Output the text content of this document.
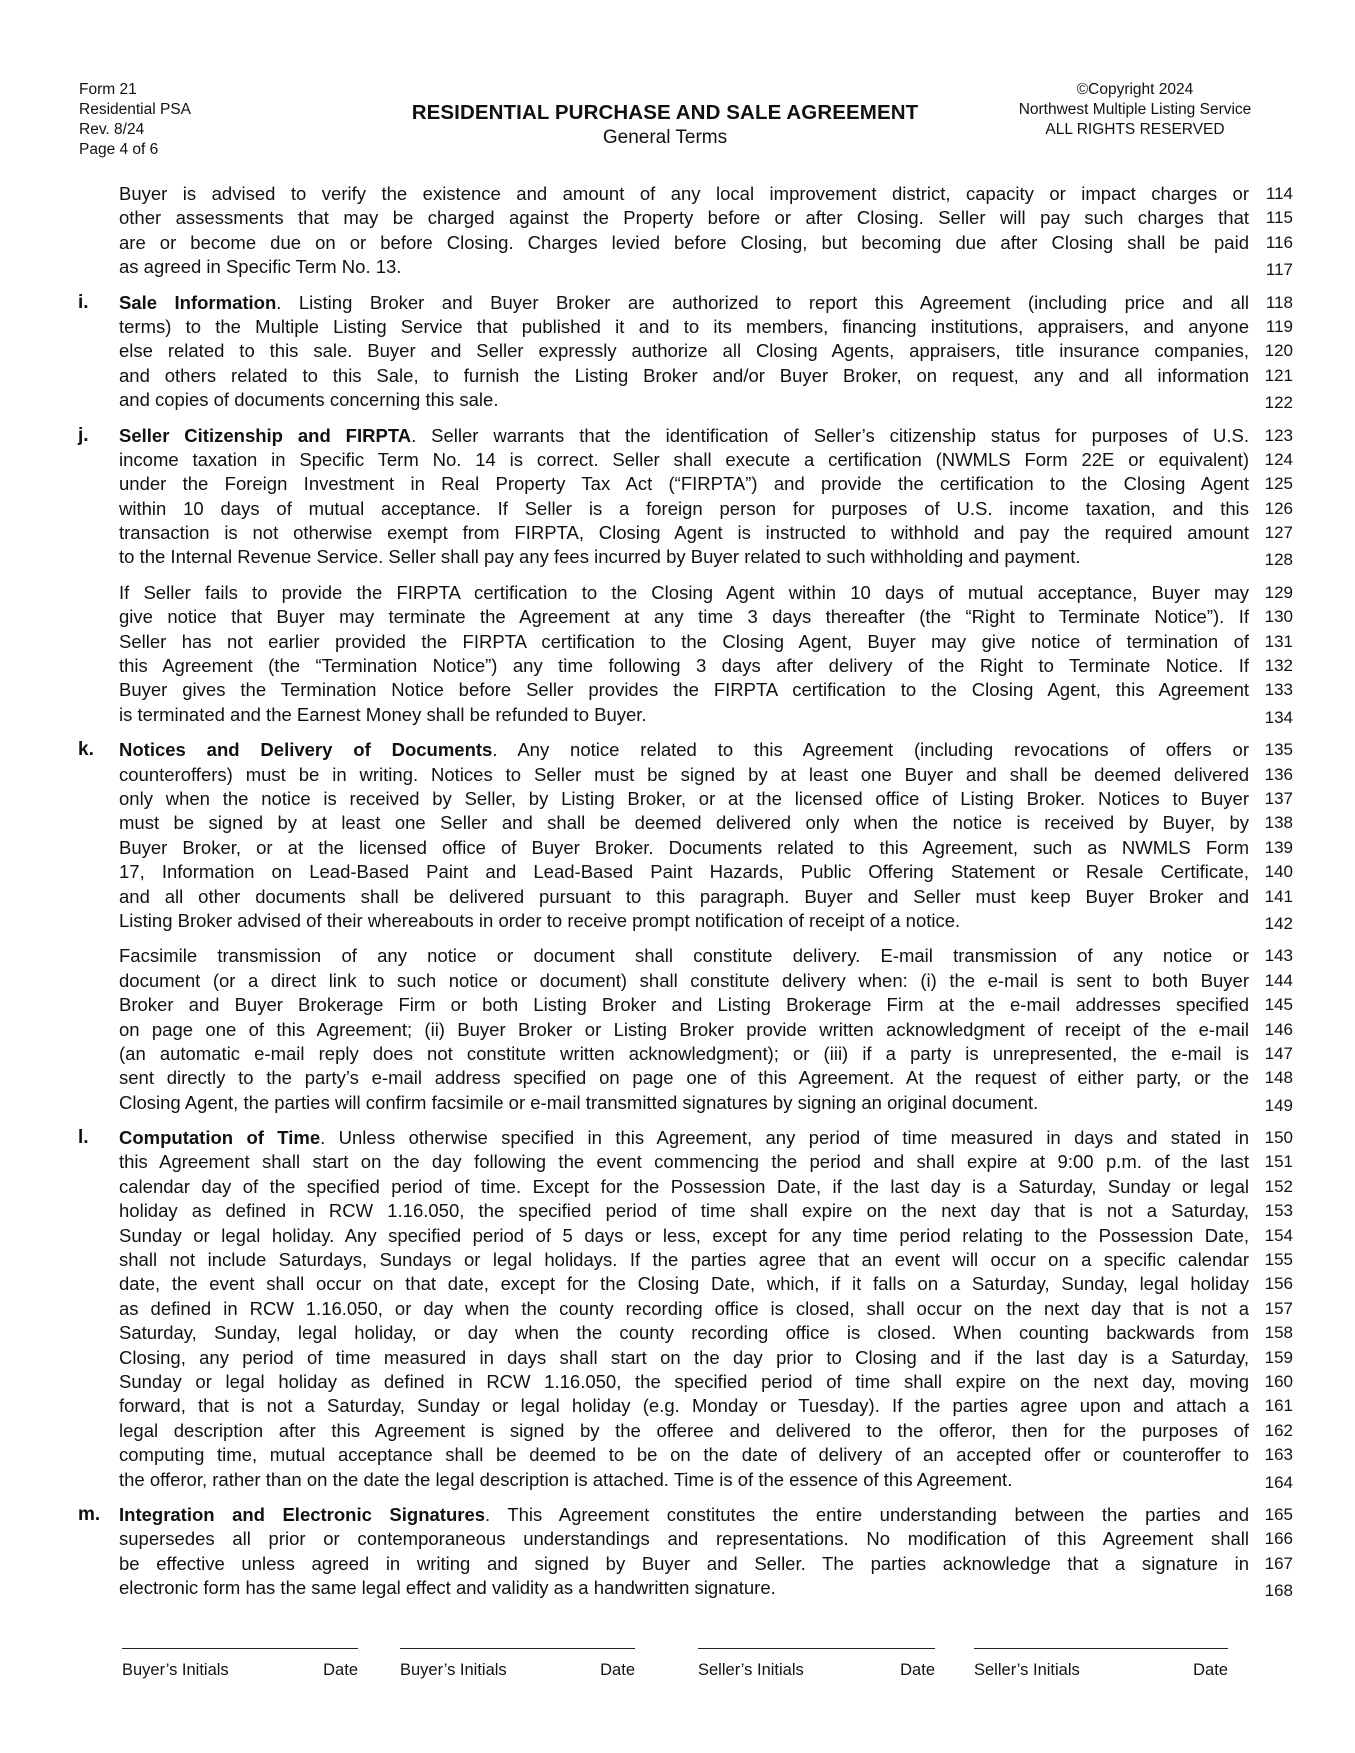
Form 21
Residential PSA
Rev. 8/24
Page 4 of 6
RESIDENTIAL PURCHASE AND SALE AGREEMENT
General Terms
©Copyright 2024
Northwest Multiple Listing Service
ALL RIGHTS RESERVED
Buyer is advised to verify the existence and amount of any local improvement district, capacity or impact charges or 114
other assessments that may be charged against the Property before or after Closing. Seller will pay such charges that 115
are or become due on or before Closing. Charges levied before Closing, but becoming due after Closing shall be paid 116
as agreed in Specific Term No. 13.	117
i. Sale Information. Listing Broker and Buyer Broker are authorized to report this Agreement (including price and all 118
terms) to the Multiple Listing Service that published it and to its members, financing institutions, appraisers, and anyone 119
else related to this sale. Buyer and Seller expressly authorize all Closing Agents, appraisers, title insurance companies, 120
and others related to this Sale, to furnish the Listing Broker and/or Buyer Broker, on request, any and all information 121
and copies of documents concerning this sale.	122
j. Seller Citizenship and FIRPTA. Seller warrants that the identification of Seller’s citizenship status for purposes of U.S. 123
income taxation in Specific Term No. 14 is correct. Seller shall execute a certification (NWMLS Form 22E or equivalent) 124
under the Foreign Investment in Real Property Tax Act (“FIRPTA”) and provide the certification to the Closing Agent 125
within 10 days of mutual acceptance. If Seller is a foreign person for purposes of U.S. income taxation, and this 126
transaction is not otherwise exempt from FIRPTA, Closing Agent is instructed to withhold and pay the required amount 127
to the Internal Revenue Service. Seller shall pay any fees incurred by Buyer related to such withholding and payment.	128
If Seller fails to provide the FIRPTA certification to the Closing Agent within 10 days of mutual acceptance, Buyer may 129
give notice that Buyer may terminate the Agreement at any time 3 days thereafter (the “Right to Terminate Notice”). If 130
Seller has not earlier provided the FIRPTA certification to the Closing Agent, Buyer may give notice of termination of 131
this Agreement (the “Termination Notice”) any time following 3 days after delivery of the Right to Terminate Notice. If 132
Buyer gives the Termination Notice before Seller provides the FIRPTA certification to the Closing Agent, this Agreement 133
is terminated and the Earnest Money shall be refunded to Buyer.	134
k. Notices and Delivery of Documents. Any notice related to this Agreement (including revocations of offers or 135
counteroffers) must be in writing. Notices to Seller must be signed by at least one Buyer and shall be deemed delivered 136
only when the notice is received by Seller, by Listing Broker, or at the licensed office of Listing Broker. Notices to Buyer 137
must be signed by at least one Seller and shall be deemed delivered only when the notice is received by Buyer, by 138
Buyer Broker, or at the licensed office of Buyer Broker. Documents related to this Agreement, such as NWMLS Form 139
17, Information on Lead-Based Paint and Lead-Based Paint Hazards, Public Offering Statement or Resale Certificate, 140
and all other documents shall be delivered pursuant to this paragraph. Buyer and Seller must keep Buyer Broker and 141
Listing Broker advised of their whereabouts in order to receive prompt notification of receipt of a notice.	142
Facsimile transmission of any notice or document shall constitute delivery. E-mail transmission of any notice or 143
document (or a direct link to such notice or document) shall constitute delivery when: (i) the e-mail is sent to both Buyer 144
Broker and Buyer Brokerage Firm or both Listing Broker and Listing Brokerage Firm at the e-mail addresses specified 145
on page one of this Agreement; (ii) Buyer Broker or Listing Broker provide written acknowledgment of receipt of the e-mail 146
(an automatic e-mail reply does not constitute written acknowledgment); or (iii) if a party is unrepresented, the e-mail is 147
sent directly to the party’s e-mail address specified on page one of this Agreement. At the request of either party, or the 148
Closing Agent, the parties will confirm facsimile or e-mail transmitted signatures by signing an original document.	149
l. Computation of Time. Unless otherwise specified in this Agreement, any period of time measured in days and stated in 150
this Agreement shall start on the day following the event commencing the period and shall expire at 9:00 p.m. of the last 151
calendar day of the specified period of time. Except for the Possession Date, if the last day is a Saturday, Sunday or legal 152
holiday as defined in RCW 1.16.050, the specified period of time shall expire on the next day that is not a Saturday, 153
Sunday or legal holiday. Any specified period of 5 days or less, except for any time period relating to the Possession Date, 154
shall not include Saturdays, Sundays or legal holidays. If the parties agree that an event will occur on a specific calendar 155
date, the event shall occur on that date, except for the Closing Date, which, if it falls on a Saturday, Sunday, legal holiday 156
as defined in RCW 1.16.050, or day when the county recording office is closed, shall occur on the next day that is not a 157
Saturday, Sunday, legal holiday, or day when the county recording office is closed. When counting backwards from 158
Closing, any period of time measured in days shall start on the day prior to Closing and if the last day is a Saturday, 159
Sunday or legal holiday as defined in RCW 1.16.050, the specified period of time shall expire on the next day, moving 160
forward, that is not a Saturday, Sunday or legal holiday (e.g. Monday or Tuesday). If the parties agree upon and attach a 161
legal description after this Agreement is signed by the offeree and delivered to the offeror, then for the purposes of 162
computing time, mutual acceptance shall be deemed to be on the date of delivery of an accepted offer or counteroffer to 163
the offeror, rather than on the date the legal description is attached. Time is of the essence of this Agreement.	164
m. Integration and Electronic Signatures. This Agreement constitutes the entire understanding between the parties and 165
supersedes all prior or contemporaneous understandings and representations. No modification of this Agreement shall 166
be effective unless agreed in writing and signed by Buyer and Seller. The parties acknowledge that a signature in 167
electronic form has the same legal effect and validity as a handwritten signature.	168
Buyer’s Initials	Date	Buyer’s Initials	Date	Seller’s Initials	Date Seller’s Initials	Date
